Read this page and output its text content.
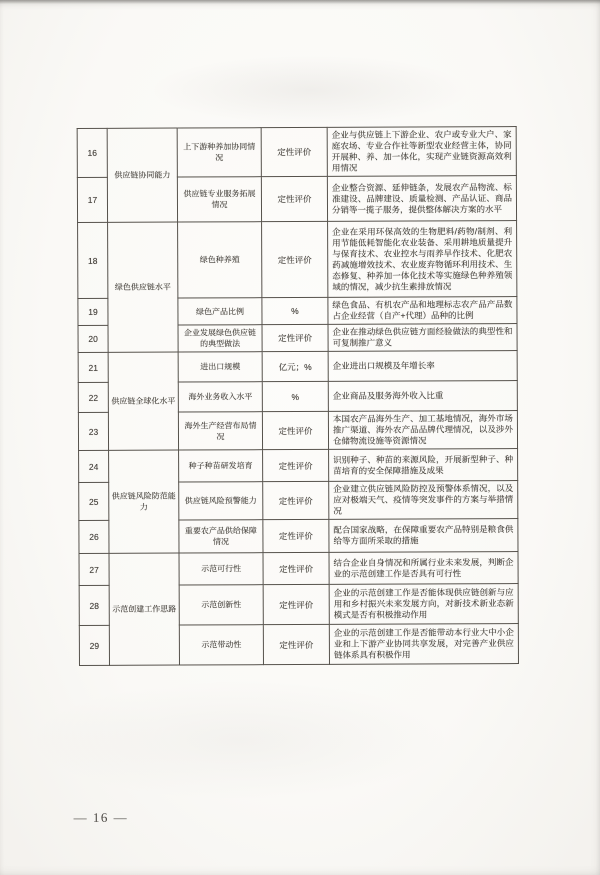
16	供应链协同能力	上下游种养加协同情况	定性评价	企业与供应链上下游企业、农户或专业大户、家庭农场、专业合作社等新型农业经营主体，协同开展种、养、加一体化，实现产业链资源高效利用情况
17		供应链专业服务拓展情况	定性评价	企业整合资源、延伸链条，发展农产品物流、标准建设、品牌建设、质量检测、产品认证、商品分销等一揽子服务，提供整体解决方案的水平
18	绿色供应链水平	绿色种养殖	定性评价	企业在采用环保高效的生物肥料/药物/制剂、利用节能低耗智能化农业装备、采用耕地质量提升与保育技术、农业控水与雨养旱作技术、化肥农药减施增效技术、农业废弃物循环利用技术、生态修复、种养加一体化技术等实施绿色种养殖领域的情况，减少抗生素排放情况
19		绿色产品比例	%	绿色食品、有机农产品和地理标志农产品产品数占企业经营（自产+代理）品种的比例
20		企业发展绿色供应链的典型做法	定性评价	企业在推动绿色供应链方面经验做法的典型性和可复制推广意义
21	供应链全球化水平	进出口规模	亿元；%	企业进出口规模及年增长率
22		海外业务收入水平	%	企业商品及服务海外收入比重
23		海外生产经营布局情况	定性评价	本国农产品海外生产、加工基地情况，海外市场推广渠道、海外农产品品牌代理情况，以及涉外仓储物流设施等资源情况
24	供应链风险防范能力	种子种苗研发培育	定性评价	识别种子、种苗的来源风险，开展新型种子、种苗培育的安全保障措施及成果
25		供应链风险预警能力	定性评价	企业建立供应链风险防控及预警体系情况，以及应对极端天气、疫情等突发事件的方案与举措情况
26		重要农产品供给保障情况	定性评价	配合国家战略，在保障重要农产品特别是粮食供给等方面所采取的措施
27	示范创建工作思路	示范可行性	定性评价	结合企业自身情况和所属行业未来发展，判断企业的示范创建工作是否具有可行性
28		示范创新性	定性评价	企业的示范创建工作是否能体现供应链创新与应用和乡村振兴未来发展方向，对新技术新业态新模式是否有积极推动作用
29		示范带动性	定性评价	企业的示范创建工作是否能带动本行业大中小企业和上下游产业协同共享发展，对完善产业供应链体系具有积极作用
— 16 —
